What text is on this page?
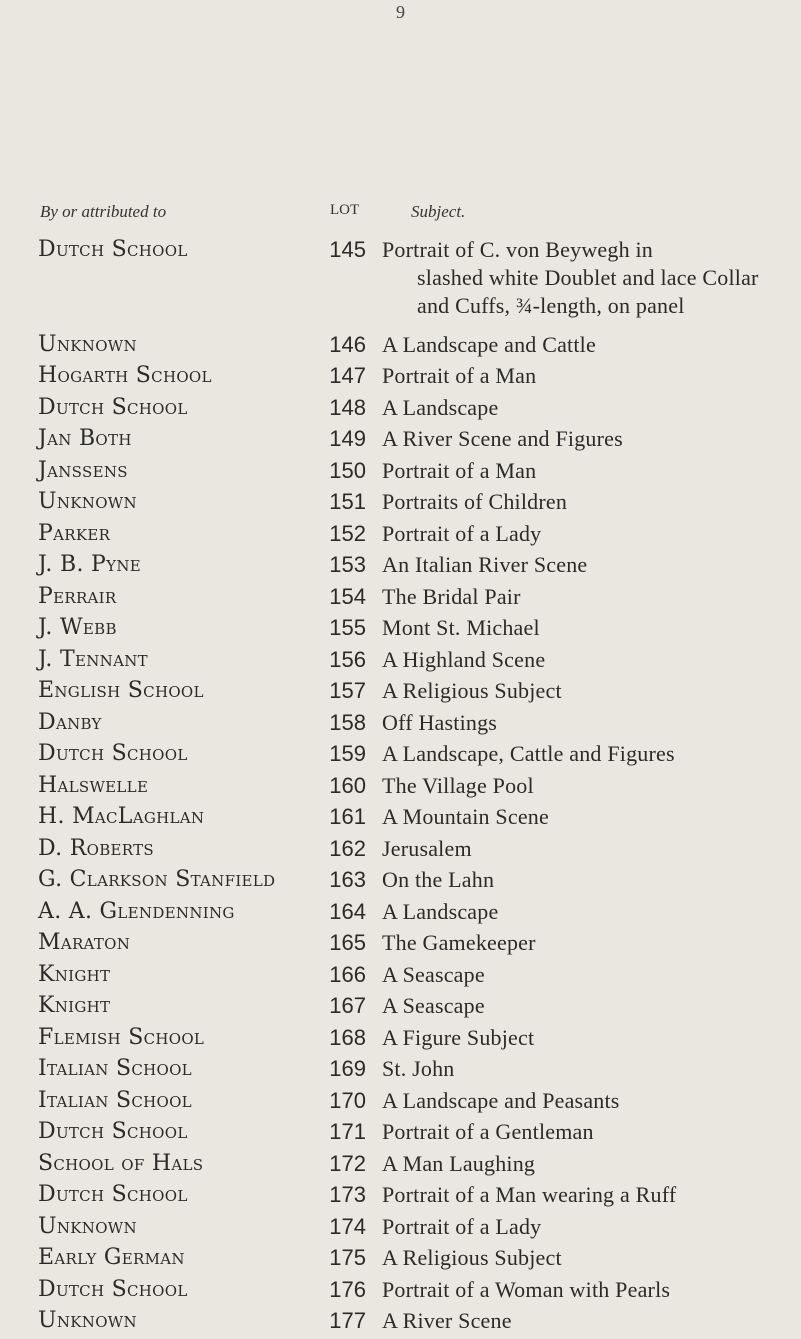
9
By or attributed to	LOT	Subject.
Dutch School	145 Portrait of C. von Beywegh in
slashed white Doublet and lace Collar and Cuffs, ¾-length, on panel
Unknown	146 A Landscape and Cattle
Hogarth School	147 Portrait of a Man
Dutch School	148 A Landscape
Jan Both	149 A River Scene and Figures
Janssens	150 Portrait of a Man
Unknown	151 Portraits of Children
Parker	152 Portrait of a Lady
J. B. Pyne	153 An Italian River Scene
Perrair	154 The Bridal Pair
J. Webb	155 Mont St. Michael
J. Tennant	156 A Highland Scene
English School	157 A Religious Subject
Danby	158 Off Hastings
Dutch School	159 A Landscape, Cattle and Figures
Halswelle	160 The Village Pool
H. MacLaghlan	161 A Mountain Scene
D. Roberts	162 Jerusalem
G. Clarkson Stanfield	163 On the Lahn
A. A. Glendenning	164 A Landscape
Maraton	165 The Gamekeeper
Knight	166 A Seascape
Knight	167 A Seascape
Flemish School	168 A Figure Subject
Italian School	169 St. John
Italian School	170 A Landscape and Peasants
Dutch School	171 Portrait of a Gentleman
School of Hals	172 A Man Laughing
Dutch School	173 Portrait of a Man wearing a Ruff
Unknown	174 Portrait of a Lady
Early German	175 A Religious Subject
Dutch School	176 Portrait of a Woman with Pearls
Unknown	177 A River Scene
